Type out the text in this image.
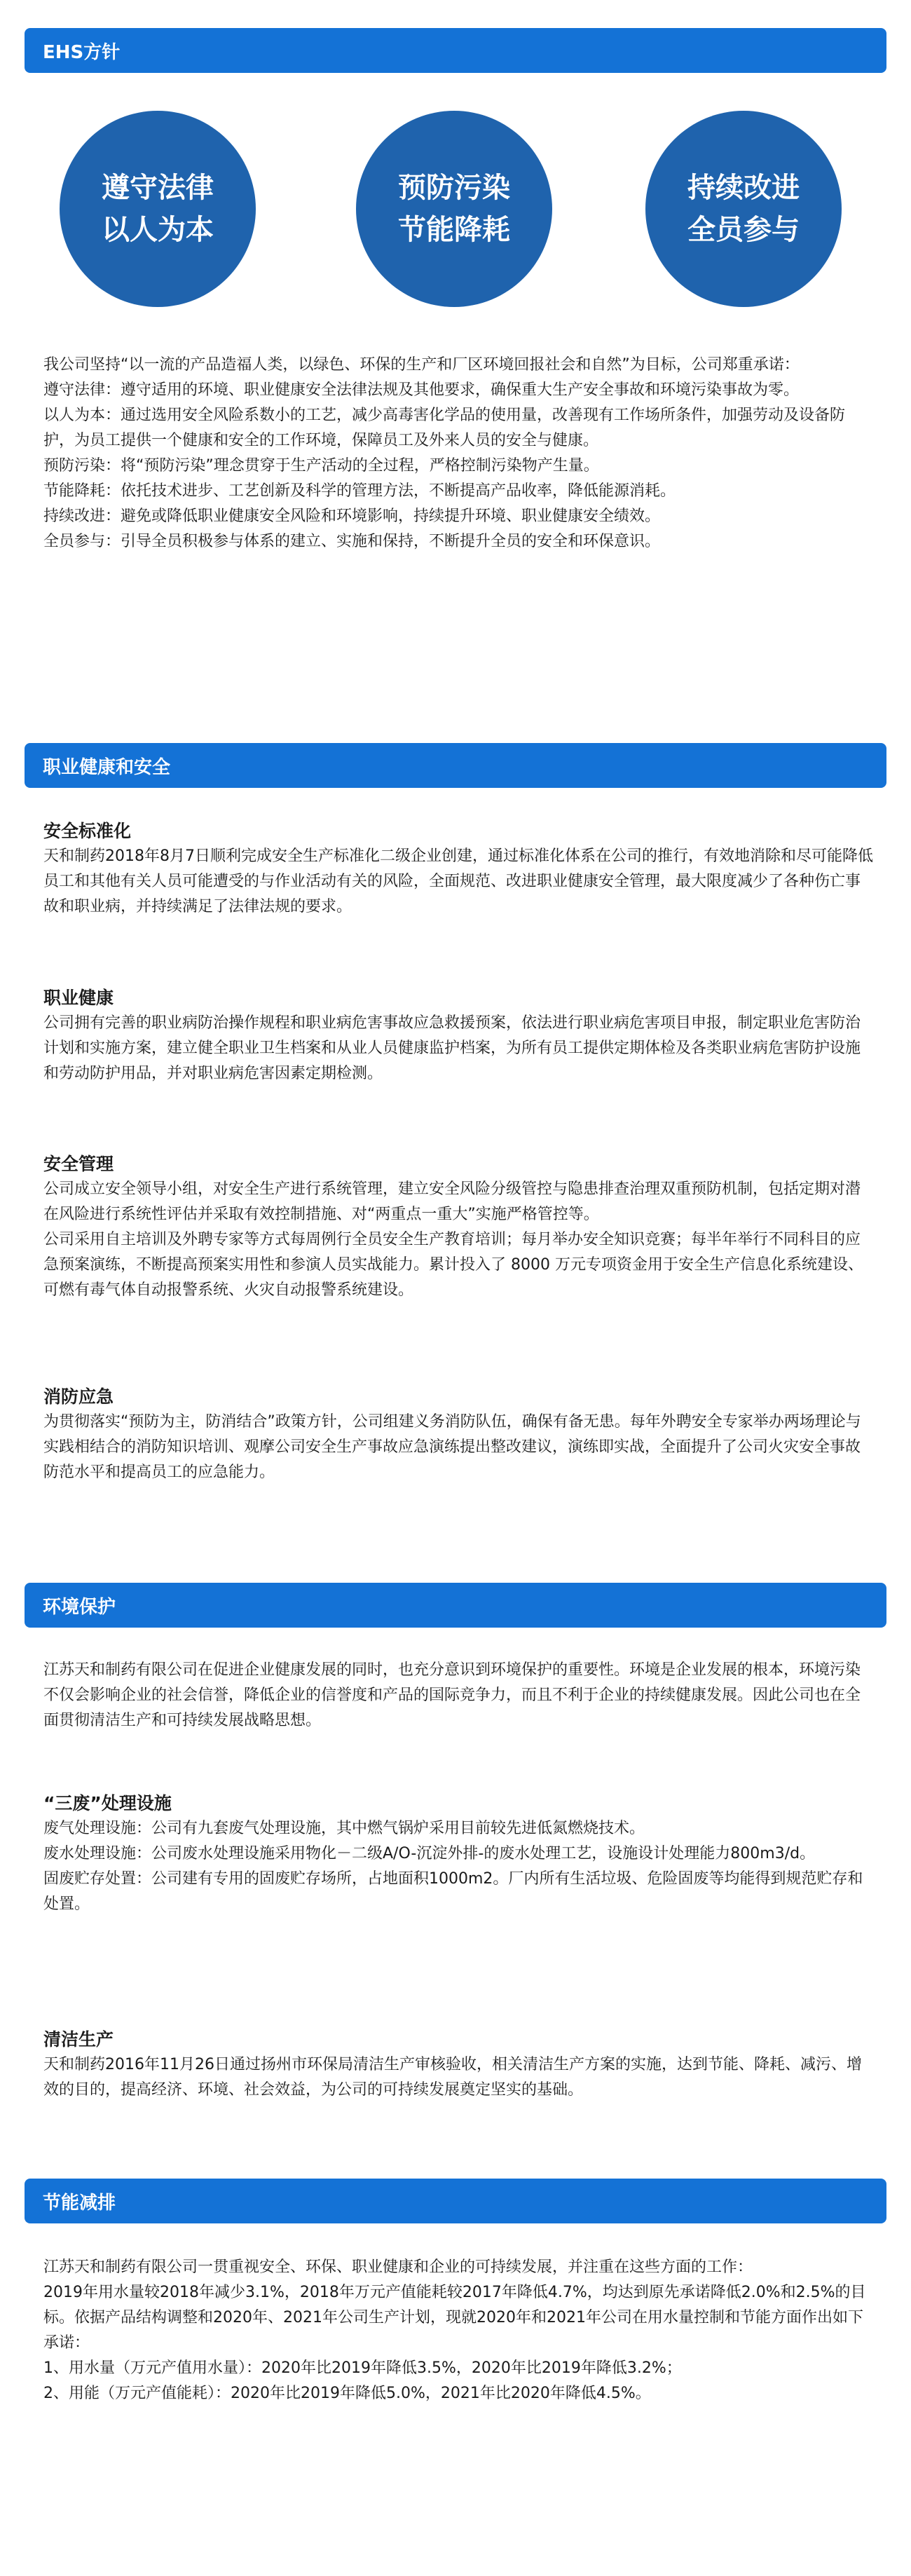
EHS方针
遵守法律
以人为本
预防污染
节能降耗
持续改进
全员参与

我公司坚持“以一流的产品造福人类，以绿色、环保的生产和厂区环境回报社会和自然”为目标，公司郑重承诺：

遵守法律：遵守适用的环境、职业健康安全法律法规及其他要求，确保重大生产安全事故和环境污染事故为零。

以人为本：通过选用安全风险系数小的工艺，减少高毒害化学品的使用量，改善现有工作场所条件，加强劳动及设备防护，为员工提供一个健康和安全的工作环境，保障员工及外来人员的安全与健康。

预防污染：将“预防污染”理念贯穿于生产活动的全过程，严格控制污染物产生量。

节能降耗：依托技术进步、工艺创新及科学的管理方法，不断提高产品收率，降低能源消耗。

持续改进：避免或降低职业健康安全风险和环境影响，持续提升环境、职业健康安全绩效。

全员参与：引导全员积极参与体系的建立、实施和保持，不断提升全员的安全和环保意识。

职业健康和安全
安全标准化

天和制药2018年8月7日顺利完成安全生产标准化二级企业创建，通过标准化体系在公司的推行，有效地消除和尽可能降低员工和其他有关人员可能遭受的与作业活动有关的风险，全面规范、改进职业健康安全管理，最大限度减少了各种伤亡事故和职业病，并持续满足了法律法规的要求。

职业健康

公司拥有完善的职业病防治操作规程和职业病危害事故应急救援预案，依法进行职业病危害项目申报，制定职业危害防治计划和实施方案，建立健全职业卫生档案和从业人员健康监护档案，为所有员工提供定期体检及各类职业病危害防护设施和劳动防护用品，并对职业病危害因素定期检测。

安全管理

公司成立安全领导小组，对安全生产进行系统管理，建立安全风险分级管控与隐患排查治理双重预防机制，包括定期对潜在风险进行系统性评估并采取有效控制措施、对“两重点一重大”实施严格管控等。

公司采用自主培训及外聘专家等方式每周例行全员安全生产教育培训；每月举办安全知识竞赛；每半年举行不同科目的应急预案演练，不断提高预案实用性和参演人员实战能力。累计投入了 8000 万元专项资金用于安全生产信息化系统建设、可燃有毒气体自动报警系统、火灾自动报警系统建设。

消防应急

为贯彻落实“预防为主，防消结合”政策方针，公司组建义务消防队伍，确保有备无患。每年外聘安全专家举办两场理论与实践相结合的消防知识培训、观摩公司安全生产事故应急演练提出整改建议，演练即实战，全面提升了公司火灾安全事故防范水平和提高员工的应急能力。

环境保护

江苏天和制药有限公司在促进企业健康发展的同时，也充分意识到环境保护的重要性。环境是企业发展的根本，环境污染不仅会影响企业的社会信誉，降低企业的信誉度和产品的国际竞争力，而且不利于企业的持续健康发展。因此公司也在全面贯彻清洁生产和可持续发展战略思想。

“三废”处理设施

废气处理设施：公司有九套废气处理设施，其中燃气锅炉采用目前较先进低氮燃烧技术。

废水处理设施：公司废水处理设施采用物化－二级A/O-沉淀外排-的废水处理工艺，设施设计处理能力800m3/d。

固废贮存处置：公司建有专用的固废贮存场所，占地面积1000m2。厂内所有生活垃圾、危险固废等均能得到规范贮存和处置。

清洁生产

天和制药2016年11月26日通过扬州市环保局清洁生产审核验收，相关清洁生产方案的实施，达到节能、降耗、减污、增效的目的，提高经济、环境、社会效益，为公司的可持续发展奠定坚实的基础。

节能减排

江苏天和制药有限公司一贯重视安全、环保、职业健康和企业的可持续发展，并注重在这些方面的工作：

2019年用水量较2018年减少3.1%，2018年万元产值能耗较2017年降低4.7%，均达到原先承诺降低2.0%和2.5%的目标。依据产品结构调整和2020年、2021年公司生产计划，现就2020年和2021年公司在用水量控制和节能方面作出如下承诺：

1、用水量（万元产值用水量）：2020年比2019年降低3.5%，2020年比2019年降低3.2%；

2、用能（万元产值能耗）：2020年比2019年降低5.0%，2021年比2020年降低4.5%。
